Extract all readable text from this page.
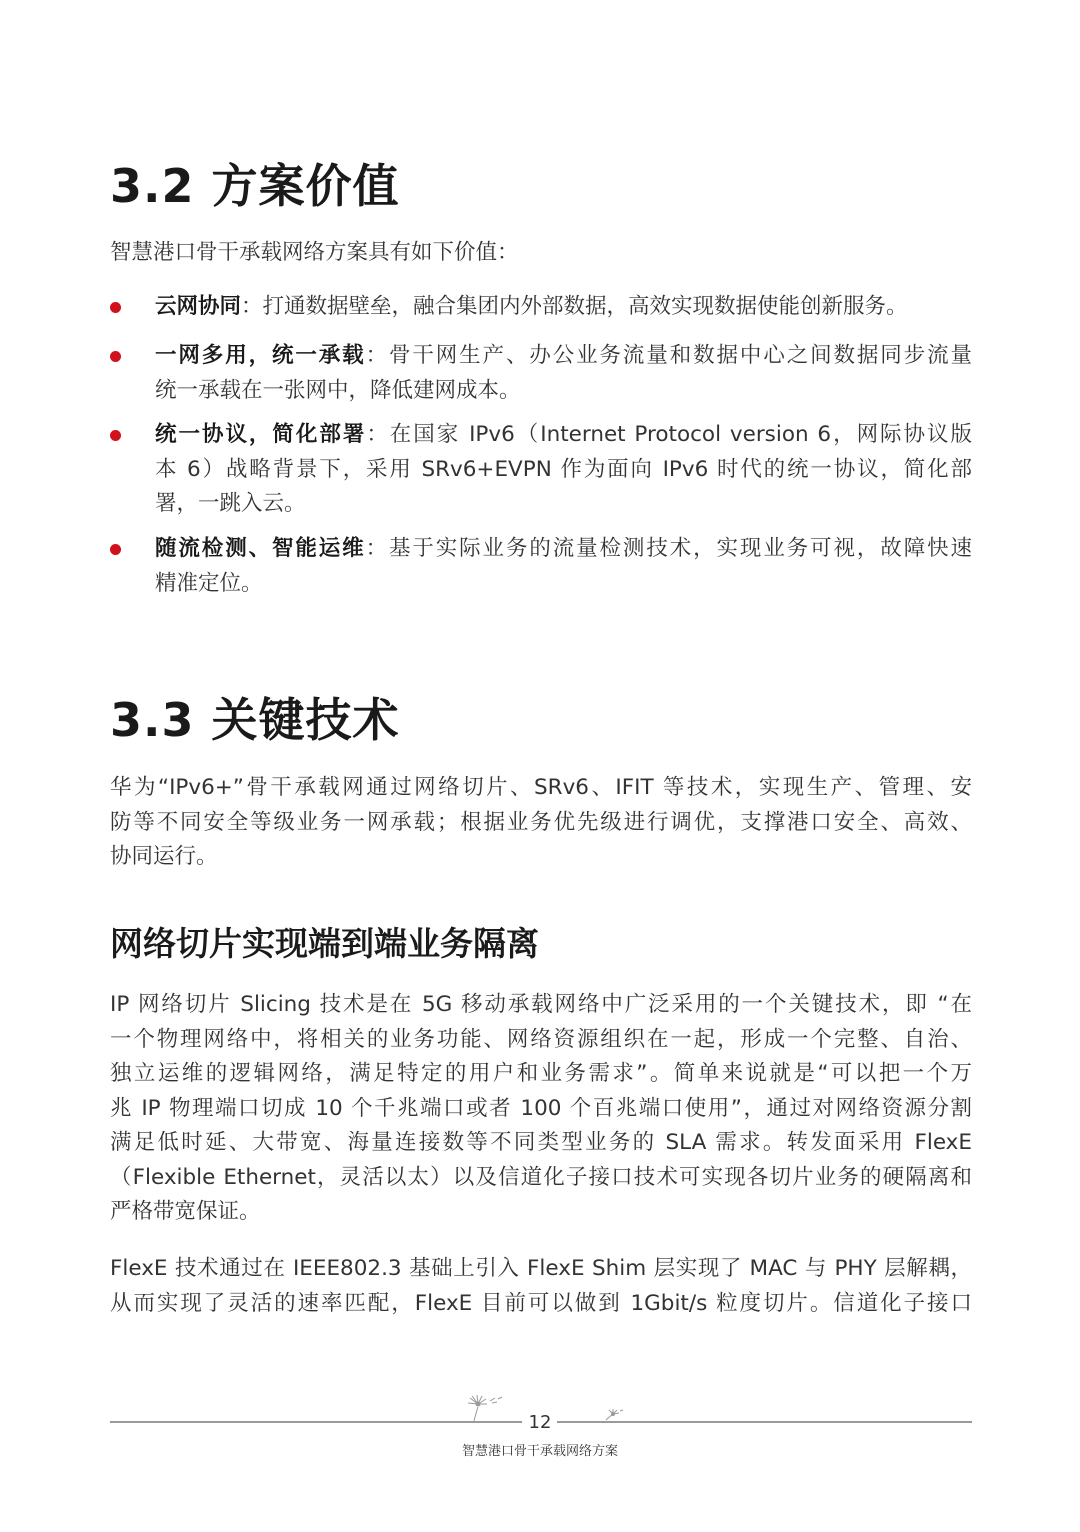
3.2 方案价值
智慧港口骨干承载网络方案具有如下价值：
云网协同：打通数据壁垒，融合集团内外部数据，高效实现数据使能创新服务。
一网多用，统一承载：骨干网生产、办公业务流量和数据中心之间数据同步流量
统一承载在一张网中，降低建网成本。
统一协议，简化部署：在国家 IPv6（Internet Protocol version 6，网际协议版
本 6）战略背景下，采用 SRv6+EVPN 作为面向 IPv6 时代的统一协议，简化部
署，一跳入云。
随流检测、智能运维：基于实际业务的流量检测技术，实现业务可视，故障快速
精准定位。
3.3 关键技术
华为“IPv6+”骨干承载网通过网络切片、SRv6、IFIT 等技术，实现生产、管理、安
防等不同安全等级业务一网承载；根据业务优先级进行调优，支撑港口安全、高效、
协同运行。
网络切片实现端到端业务隔离
IP 网络切片 Slicing 技术是在 5G 移动承载网络中广泛采用的一个关键技术，即 “在
一个物理网络中，将相关的业务功能、网络资源组织在一起，形成一个完整、自治、
独立运维的逻辑网络，满足特定的用户和业务需求”。简单来说就是“可以把一个万
兆 IP 物理端口切成 10 个千兆端口或者 100 个百兆端口使用”，通过对网络资源分割
满足低时延、大带宽、海量连接数等不同类型业务的 SLA 需求。转发面采用 FlexE
（Flexible Ethernet，灵活以太）以及信道化子接口技术可实现各切片业务的硬隔离和
严格带宽保证。
FlexE 技术通过在 IEEE802.3 基础上引入 FlexE Shim 层实现了 MAC 与 PHY 层解耦，
从而实现了灵活的速率匹配，FlexE 目前可以做到 1Gbit/s 粒度切片。信道化子接口
12
智慧港口骨干承载网络方案
